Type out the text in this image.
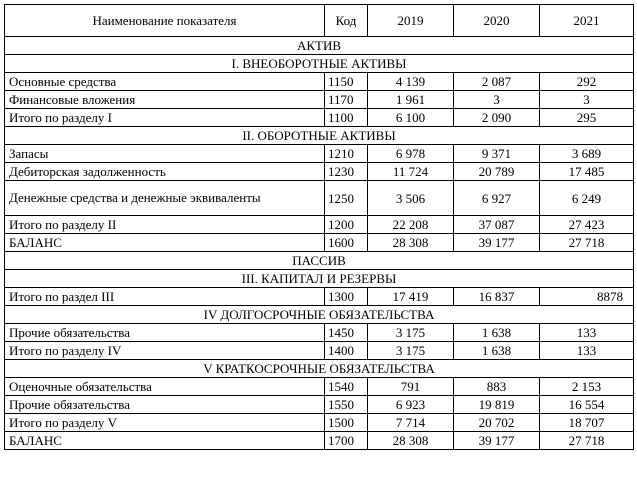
Наименование показателя	Код	2019	2020	2021
АКТИВ				
I. ВНЕОБОРОТНЫЕ АКТИВЫ				
Основные средства	1150	4 139	2 087	292
Финансовые вложения	1170	1 961	3	3
Итого по разделу I	1100	6 100	2 090	295
II. ОБОРОТНЫЕ АКТИВЫ				
Запасы	1210	6 978	9 371	3 689
Дебиторская задолженность	1230	11 724	20 789	17 485
Денежные средства и денежные эквиваленты	1250	3 506	6 927	6 249
Итого по разделу II	1200	22 208	37 087	27 423
БАЛАНС	1600	28 308	39 177	27 718
ПАССИВ				
III. КАПИТАЛ И РЕЗЕРВЫ				
Итого по раздел III	1300	17 419	16 837	8878
IV ДОЛГОСРОЧНЫЕ ОБЯЗАТЕЛЬСТВА				
Прочие обязательства	1450	3 175	1 638	133
Итого по разделу IV	1400	3 175	1 638	133
V КРАТКОСРОЧНЫЕ ОБЯЗАТЕЛЬСТВА				
Оценочные обязательства	1540	791	883	2 153
Прочие обязательства	1550	6 923	19 819	16 554
Итого по разделу V	1500	7 714	20 702	18 707
БАЛАНС	1700	28 308	39 177	27 718
